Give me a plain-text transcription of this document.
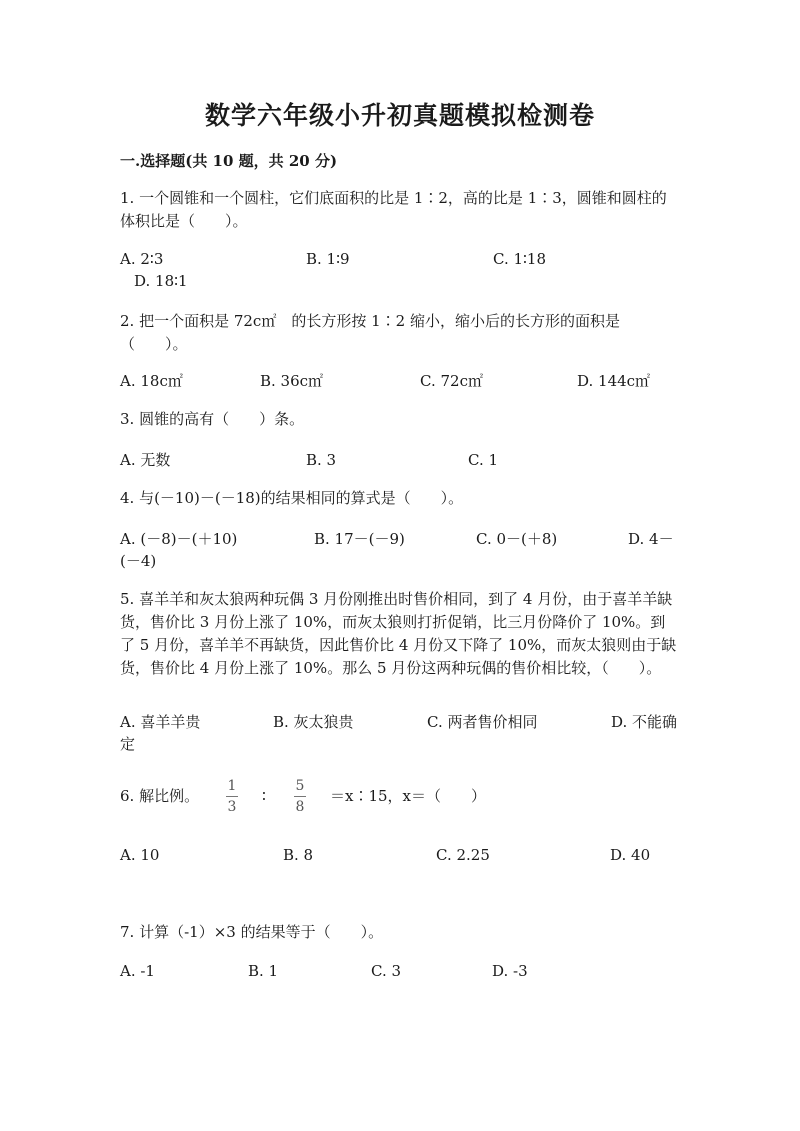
数学六年级小升初真题模拟检测卷
一.选择题(共 10 题，共 20 分)
1. 一个圆锥和一个圆柱，它们底面积的比是 1∶2，高的比是 1∶3，圆锥和圆柱的体积比是（　　）。
A. 2∶3	B. 1∶9	C. 1∶18
D. 18∶1
2. 把一个面积是 72c㎡　的长方形按 1∶2 缩小，缩小后的长方形的面积是（　　）。
A. 18c㎡	B. 36c㎡	C. 72c㎡	D. 144c㎡
3. 圆锥的高有（　　）条。
A. 无数	B. 3	C. 1
4. 与(－10)－(－18)的结果相同的算式是（　　）。
A. (－8)－(＋10)	B. 17－(－9)	C. 0－(＋8)	D. 4－
(－4)
5. 喜羊羊和灰太狼两种玩偶 3 月份刚推出时售价相同，到了 4 月份，由于喜羊羊缺货，售价比 3 月份上涨了 10%，而灰太狼则打折促销，比三月份降价了 10%。到了 5 月份，喜羊羊不再缺货，因此售价比 4 月份又下降了 10%，而灰太狼则由于缺货，售价比 4 月份上涨了 10%。那么 5 月份这两种玩偶的售价相比较，（　　）。
A. 喜羊羊贵	B. 灰太狼贵	C. 两者售价相同	D. 不能确
定
6. 解比例。
1
3
∶
5
8
＝x∶15，x＝（　　）
A. 10	B. 8	C. 2.25	D. 40
7. 计算（-1）×3 的结果等于（　　）。
A. -1	B. 1	C. 3	D. -3
